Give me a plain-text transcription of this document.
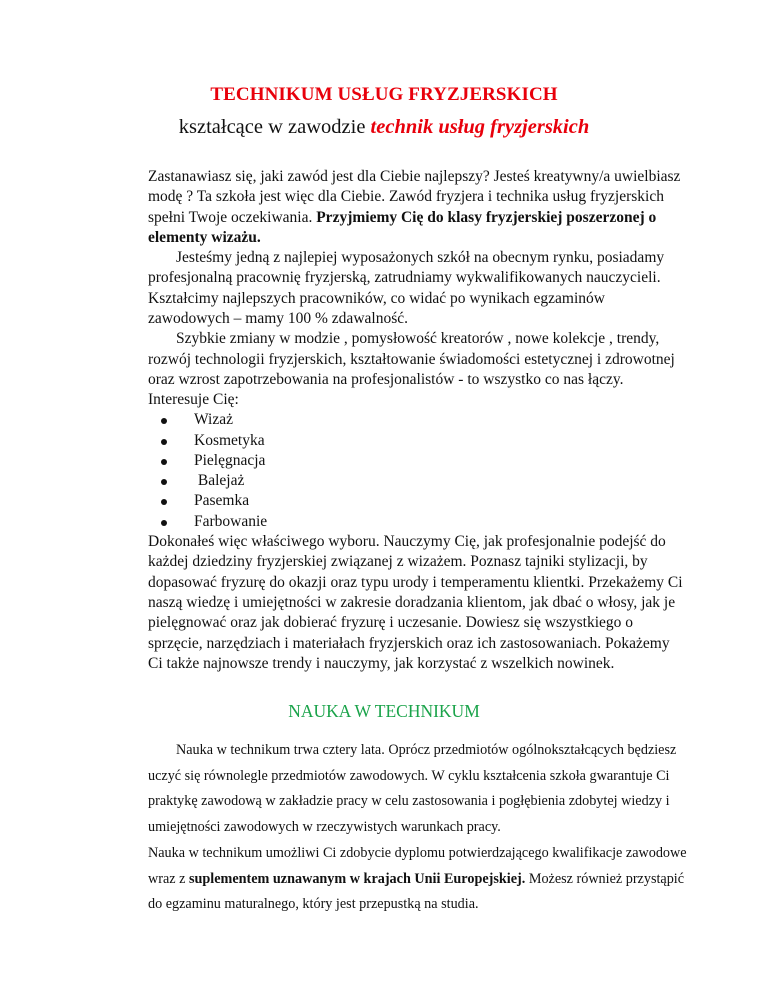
TECHNIKUM USŁUG FRYZJERSKICH
kształcące w zawodzie technik usług fryzjerskich

Zastanawiasz się, jaki zawód jest dla Ciebie najlepszy? Jesteś kreatywny/a uwielbiasz modę ? Ta szkoła jest więc dla Ciebie. Zawód fryzjera i technika usług fryzjerskich spełni Twoje oczekiwania. Przyjmiemy Cię do klasy fryzjerskiej poszerzonej o elementy wizażu.

Jesteśmy jedną z najlepiej wyposażonych szkół na obecnym rynku, posiadamy profesjonalną pracownię fryzjerską, zatrudniamy wykwalifikowanych nauczycieli. Kształcimy najlepszych pracowników, co widać po wynikach egzaminów zawodowych – mamy 100 % zdawalność.

Szybkie zmiany w modzie , pomysłowość kreatorów , nowe kolekcje , trendy, rozwój technologii fryzjerskich, kształtowanie świadomości estetycznej i zdrowotnej oraz wzrost zapotrzebowania na profesjonalistów - to wszystko co nas łączy.

Interesuje Cię:

Wizaż
Kosmetyka
Pielęgnacja
Balejaż
Pasemka
Farbowanie

Dokonałeś więc właściwego wyboru. Nauczymy Cię, jak profesjonalnie podejść do każdej dziedziny fryzjerskiej związanej z wizażem. Poznasz tajniki stylizacji, by dopasować fryzurę do okazji oraz typu urody i temperamentu klientki. Przekażemy Ci naszą wiedzę i umiejętności w zakresie doradzania klientom, jak dbać o włosy, jak je pielęgnować oraz jak dobierać fryzurę i uczesanie. Dowiesz się wszystkiego o sprzęcie, narzędziach i materiałach fryzjerskich oraz ich zastosowaniach. Pokażemy Ci także najnowsze trendy i nauczymy, jak korzystać z wszelkich nowinek.

NAUKA W TECHNIKUM

Nauka w technikum trwa cztery lata. Oprócz przedmiotów ogólnokształcących będziesz uczyć się równolegle przedmiotów zawodowych. W cyklu kształcenia szkoła gwarantuje Ci praktykę zawodową w zakładzie pracy w celu zastosowania i pogłębienia zdobytej wiedzy i umiejętności zawodowych w rzeczywistych warunkach pracy.

Nauka w technikum umożliwi Ci zdobycie dyplomu potwierdzającego kwalifikacje zawodowe wraz z suplementem uznawanym w krajach Unii Europejskiej. Możesz również przystąpić do egzaminu maturalnego, który jest przepustką na studia.
